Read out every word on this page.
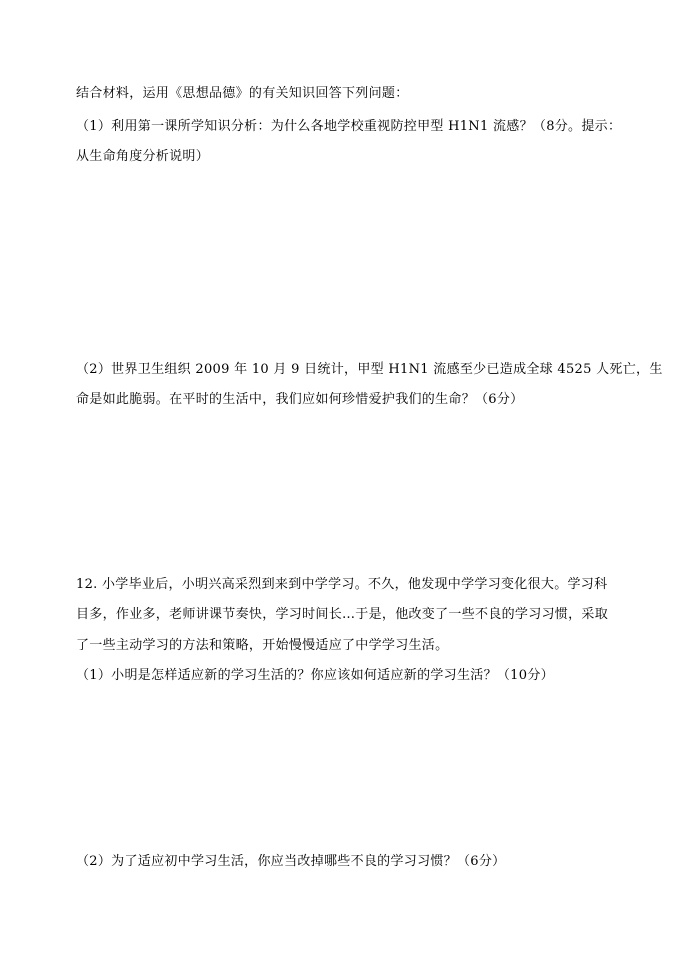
结合材料，运用《思想品德》的有关知识回答下列问题：
（1）利用第一课所学知识分析：为什么各地学校重视防控甲型 H1N1 流感？（8分。提示：
从生命角度分析说明）
（2）世界卫生组织 2009 年 10 月 9 日统计，甲型 H1N1 流感至少已造成全球 4525 人死亡，生
命是如此脆弱。在平时的生活中，我们应如何珍惜爱护我们的生命？（6分）
12. 小学毕业后，小明兴高采烈到来到中学学习。不久，他发现中学学习变化很大。学习科
目多，作业多，老师讲课节奏快，学习时间长…于是，他改变了一些不良的学习习惯，采取
了一些主动学习的方法和策略，开始慢慢适应了中学学习生活。
（1）小明是怎样适应新的学习生活的？你应该如何适应新的学习生活？（10分）
（2）为了适应初中学习生活，你应当改掉哪些不良的学习习惯？（6分）
